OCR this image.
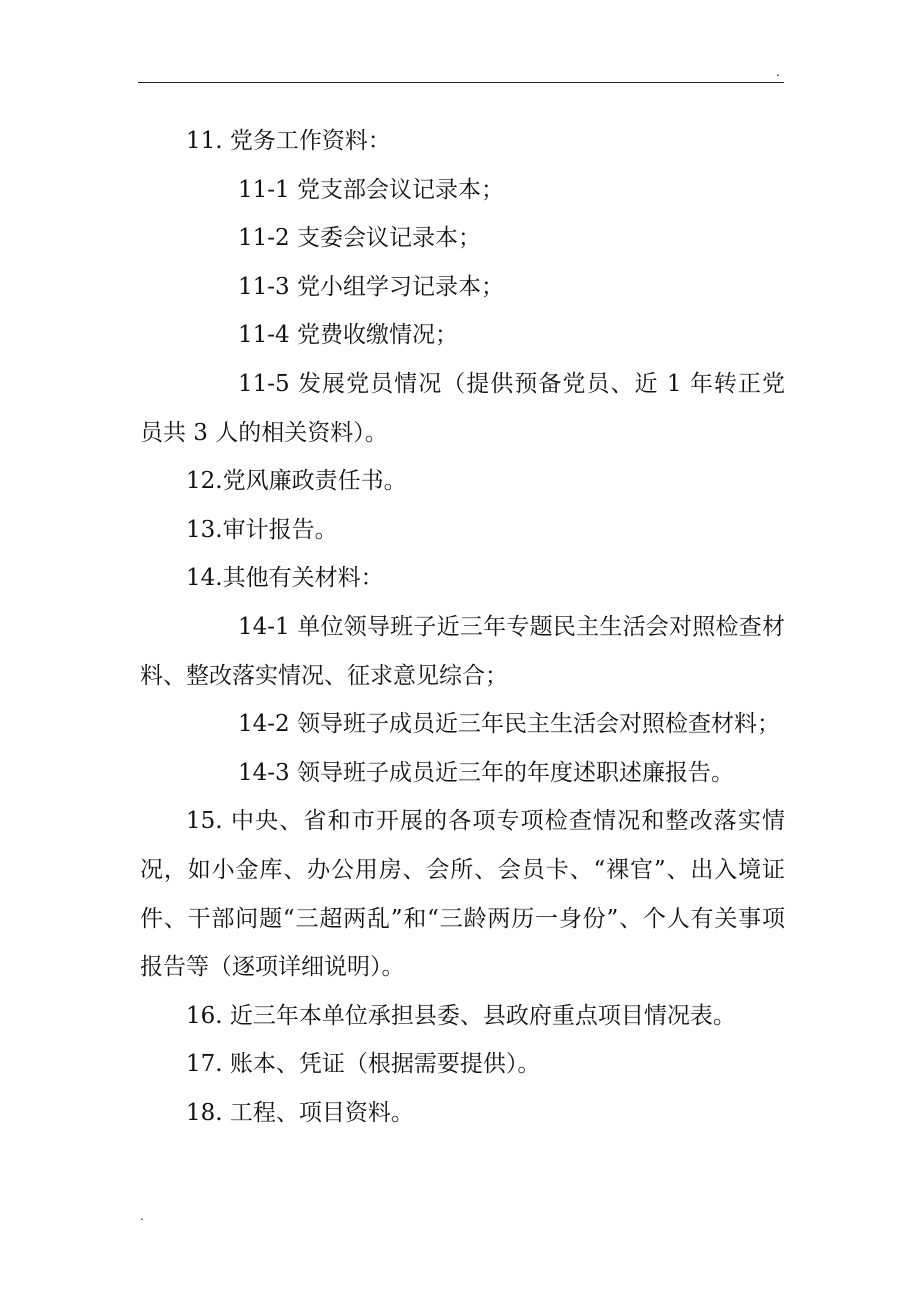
.

11. 党务工作资料：

11-1 党支部会议记录本；

11-2 支委会议记录本；

11-3 党小组学习记录本；

11-4 党费收缴情况；

11-5 发展党员情况（提供预备党员、近 1 年转正党员共 3 人的相关资料）。

12.党风廉政责任书。

13.审计报告。

14.其他有关材料：

14-1 单位领导班子近三年专题民主生活会对照检查材料、整改落实情况、征求意见综合；

14-2 领导班子成员近三年民主生活会对照检查材料；

14-3 领导班子成员近三年的年度述职述廉报告。

15. 中央、省和市开展的各项专项检查情况和整改落实情况，如小金库、办公用房、会所、会员卡、“裸官”、出入境证件、干部问题“三超两乱”和“三龄两历一身份”、个人有关事项报告等（逐项详细说明）。

16. 近三年本单位承担县委、县政府重点项目情况表。

17. 账本、凭证（根据需要提供）。

18. 工程、项目资料。

.
